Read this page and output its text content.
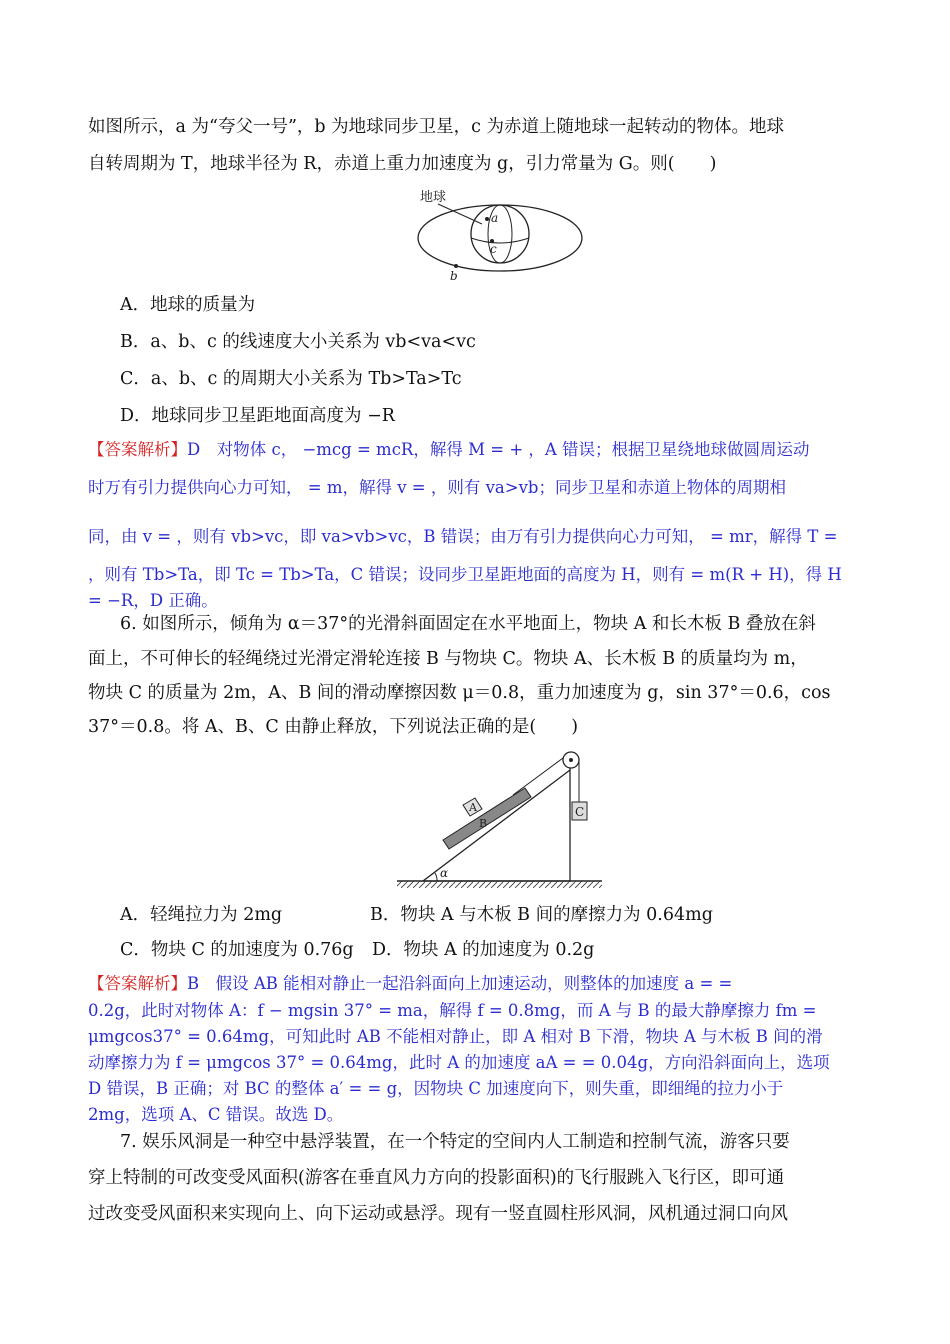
如图所示，a 为“夸父一号”，b 为地球同步卫星，c 为赤道上随地球一起转动的物体。地球
自转周期为 T，地球半径为 R，赤道上重力加速度为 g，引力常量为 G。则(　　)
地球
a
c
b
A．地球的质量为
B．a、b、c 的线速度大小关系为 vb<va<vc
C．a、b、c 的周期大小关系为 Tb>Ta>Tc
D．地球同步卫星距地面高度为 −R
【答案解析】D　对物体 c， −mcg = mcR，解得 M = + ，A 错误；根据卫星绕地球做圆周运动
时万有引力提供向心力可知， = m，解得 v = ，则有 va>vb；同步卫星和赤道上物体的周期相
同，由 v = ，则有 vb>vc，即 va>vb>vc，B 错误；由万有引力提供向心力可知， = mr，解得 T =
，则有 Tb>Ta，即 Tc = Tb>Ta，C 错误；设同步卫星距地面的高度为 H，则有 = m(R + H)，得 H
= −R，D 正确。
6. 如图所示，倾角为 α＝37°的光滑斜面固定在水平地面上，物块 A 和长木板 B 叠放在斜
面上，不可伸长的轻绳绕过光滑定滑轮连接 B 与物块 C。物块 A、长木板 B 的质量均为 m，
物块 C 的质量为 2m，A、B 间的滑动摩擦因数 μ＝0.8，重力加速度为 g，sin 37°＝0.6，cos
37°＝0.8。将 A、B、C 由静止释放，下列说法正确的是(　　)
C
A
B
α
A．轻绳拉力为 2mg	B．物块 A 与木板 B 间的摩擦力为 0.64mg
C．物块 C 的加速度为 0.76g D．物块 A 的加速度为 0.2g
【答案解析】B　假设 AB 能相对静止一起沿斜面向上加速运动，则整体的加速度 a = =
0.2g，此时对物体 A：f − mgsin 37° = ma，解得 f = 0.8mg，而 A 与 B 的最大静摩擦力 fm =
μmgcos37° = 0.64mg，可知此时 AB 不能相对静止，即 A 相对 B 下滑，物块 A 与木板 B 间的滑
动摩擦力为 f = μmgcos 37° = 0.64mg，此时 A 的加速度 aA = = 0.04g，方向沿斜面向上，选项
D 错误，B 正确；对 BC 的整体 a′ = = g，因物块 C 加速度向下，则失重，即细绳的拉力小于
2mg，选项 A、C 错误。故选 D。
7. 娱乐风洞是一种空中悬浮装置，在一个特定的空间内人工制造和控制气流，游客只要
穿上特制的可改变受风面积(游客在垂直风力方向的投影面积)的飞行服跳入飞行区，即可通
过改变受风面积来实现向上、向下运动或悬浮。现有一竖直圆柱形风洞，风机通过洞口向风
